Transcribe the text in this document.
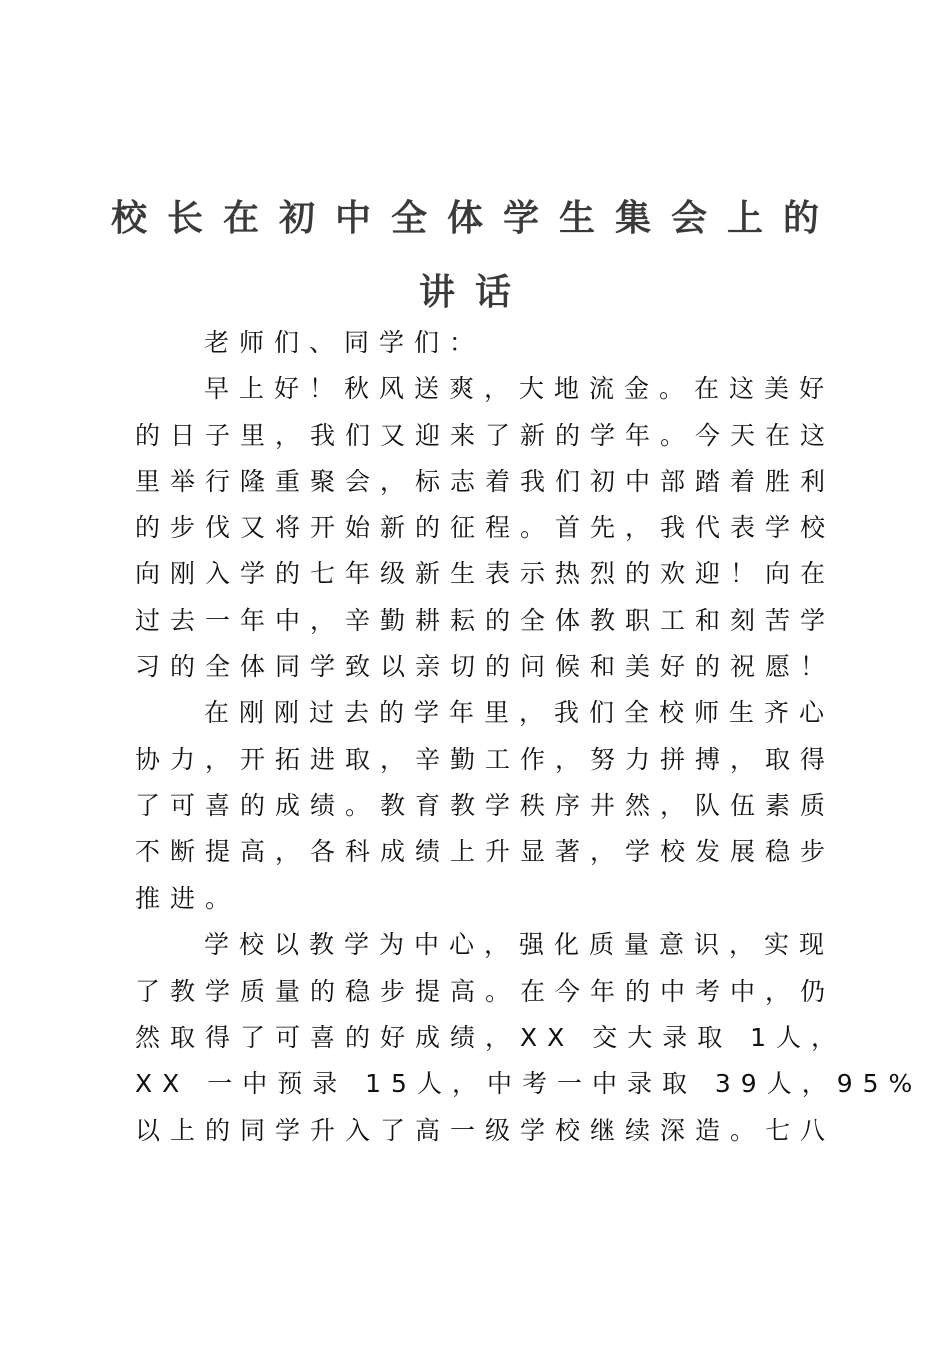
校长在初中全体学生集会上的
讲话
老师们、同学们：
早上好！秋风送爽，大地流金。在这美好
的日子里，我们又迎来了新的学年。今天在这
里举行隆重聚会，标志着我们初中部踏着胜利
的步伐又将开始新的征程。首先，我代表学校
向刚入学的七年级新生表示热烈的欢迎！向在
过去一年中，辛勤耕耘的全体教职工和刻苦学
习的全体同学致以亲切的问候和美好的祝愿！
在刚刚过去的学年里，我们全校师生齐心
协力，开拓进取，辛勤工作，努力拼搏，取得
了可喜的成绩。教育教学秩序井然，队伍素质
不断提高，各科成绩上升显著，学校发展稳步
推进。
学校以教学为中心，强化质量意识，实现
了教学质量的稳步提高。在今年的中考中，仍
然取得了可喜的好成绩，XX 交大录取 1人，
XX 一中预录 15人，中考一中录取 39人，95%
以上的同学升入了高一级学校继续深造。七八
